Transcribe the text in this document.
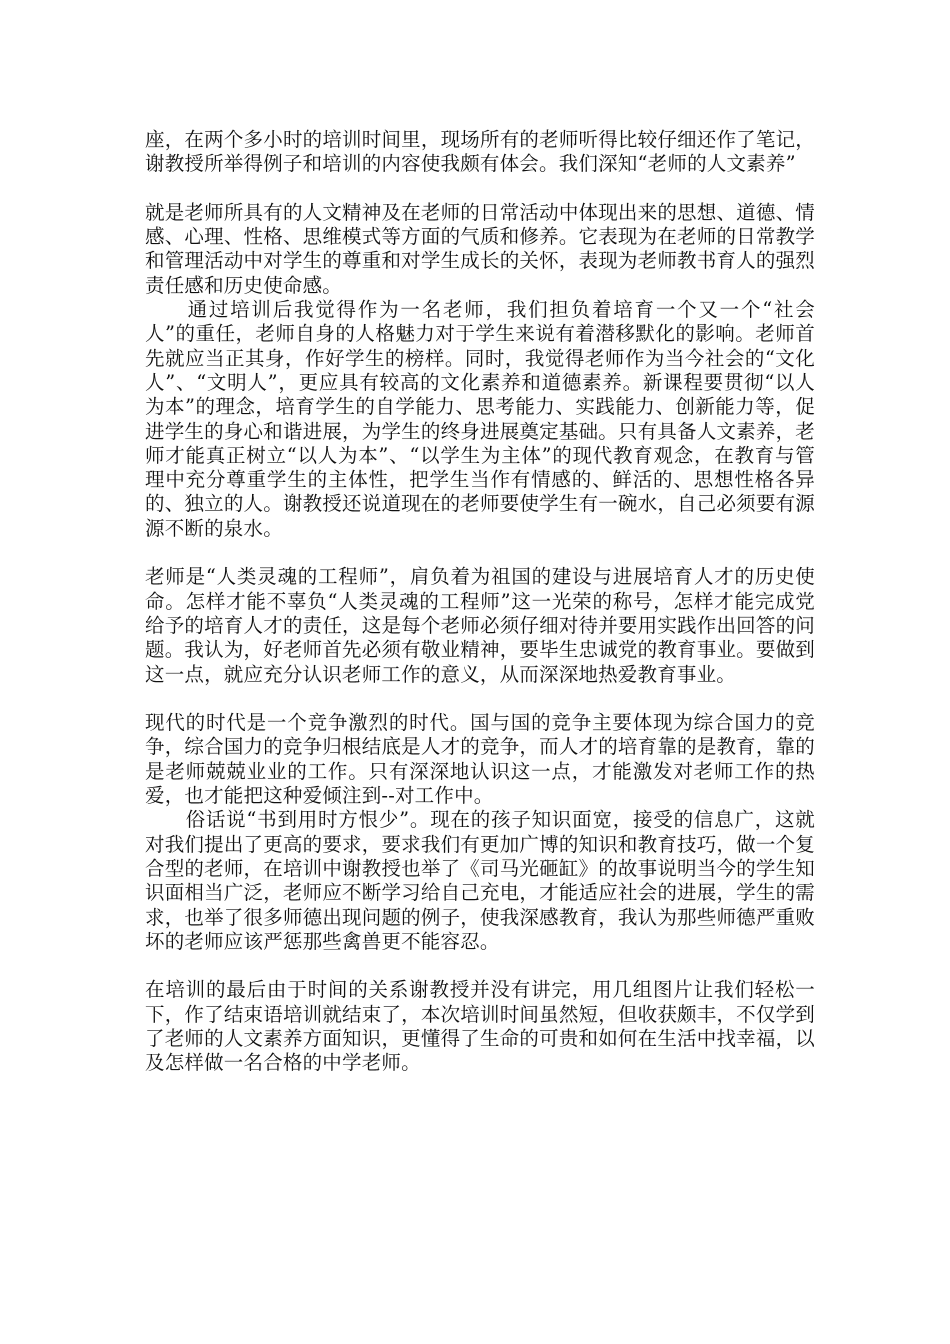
座，在两个多小时的培训时间里，现场所有的老师听得比较仔细还作了笔记，谢教授所举得例子和培训的内容使我颇有体会。我们深知“老师的人文素养”

就是老师所具有的人文精神及在老师的日常活动中体现出来的思想、道德、情感、心理、性格、思维模式等方面的气质和修养。它表现为在老师的日常教学和管理活动中对学生的尊重和对学生成长的关怀，表现为老师教书育人的强烈责任感和历史使命感。

　　通过培训后我觉得作为一名老师，我们担负着培育一个又一个“社会人”的重任，老师自身的人格魅力对于学生来说有着潜移默化的影响。老师首先就应当正其身，作好学生的榜样。同时，我觉得老师作为当今社会的“文化人”、“文明人”，更应具有较高的文化素养和道德素养。新课程要贯彻“以人为本”的理念，培育学生的自学能力、思考能力、实践能力、创新能力等，促进学生的身心和谐进展，为学生的终身进展奠定基础。只有具备人文素养，老师才能真正树立“以人为本”、“以学生为主体”的现代教育观念，在教育与管理中充分尊重学生的主体性，把学生当作有情感的、鲜活的、思想性格各异的、独立的人。谢教授还说道现在的老师要使学生有一碗水，自己必须要有源源不断的泉水。

老师是“人类灵魂的工程师”，肩负着为祖国的建设与进展培育人才的历史使命。怎样才能不辜负“人类灵魂的工程师”这一光荣的称号，怎样才能完成党给予的培育人才的责任，这是每个老师必须仔细对待并要用实践作出回答的问题。我认为，好老师首先必须有敬业精神，要毕生忠诚党的教育事业。要做到这一点，就应充分认识老师工作的意义，从而深深地热爱教育事业。

现代的时代是一个竞争激烈的时代。国与国的竞争主要体现为综合国力的竞争，综合国力的竞争归根结底是人才的竞争，而人才的培育靠的是教育，靠的是老师兢兢业业的工作。只有深深地认识这一点，才能激发对老师工作的热爱，也才能把这种爱倾注到--对工作中。

　　俗话说“书到用时方恨少”。现在的孩子知识面宽，接受的信息广，这就对我们提出了更高的要求，要求我们有更加广博的知识和教育技巧，做一个复合型的老师，在培训中谢教授也举了《司马光砸缸》的故事说明当今的学生知识面相当广泛，老师应不断学习给自己充电，才能适应社会的进展，学生的需求，也举了很多师德出现问题的例子，使我深感教育，我认为那些师德严重败坏的老师应该严惩那些禽兽更不能容忍。

在培训的最后由于时间的关系谢教授并没有讲完，用几组图片让我们轻松一下，作了结束语培训就结束了，本次培训时间虽然短，但收获颇丰，不仅学到了老师的人文素养方面知识，更懂得了生命的可贵和如何在生活中找幸福，以及怎样做一名合格的中学老师。
